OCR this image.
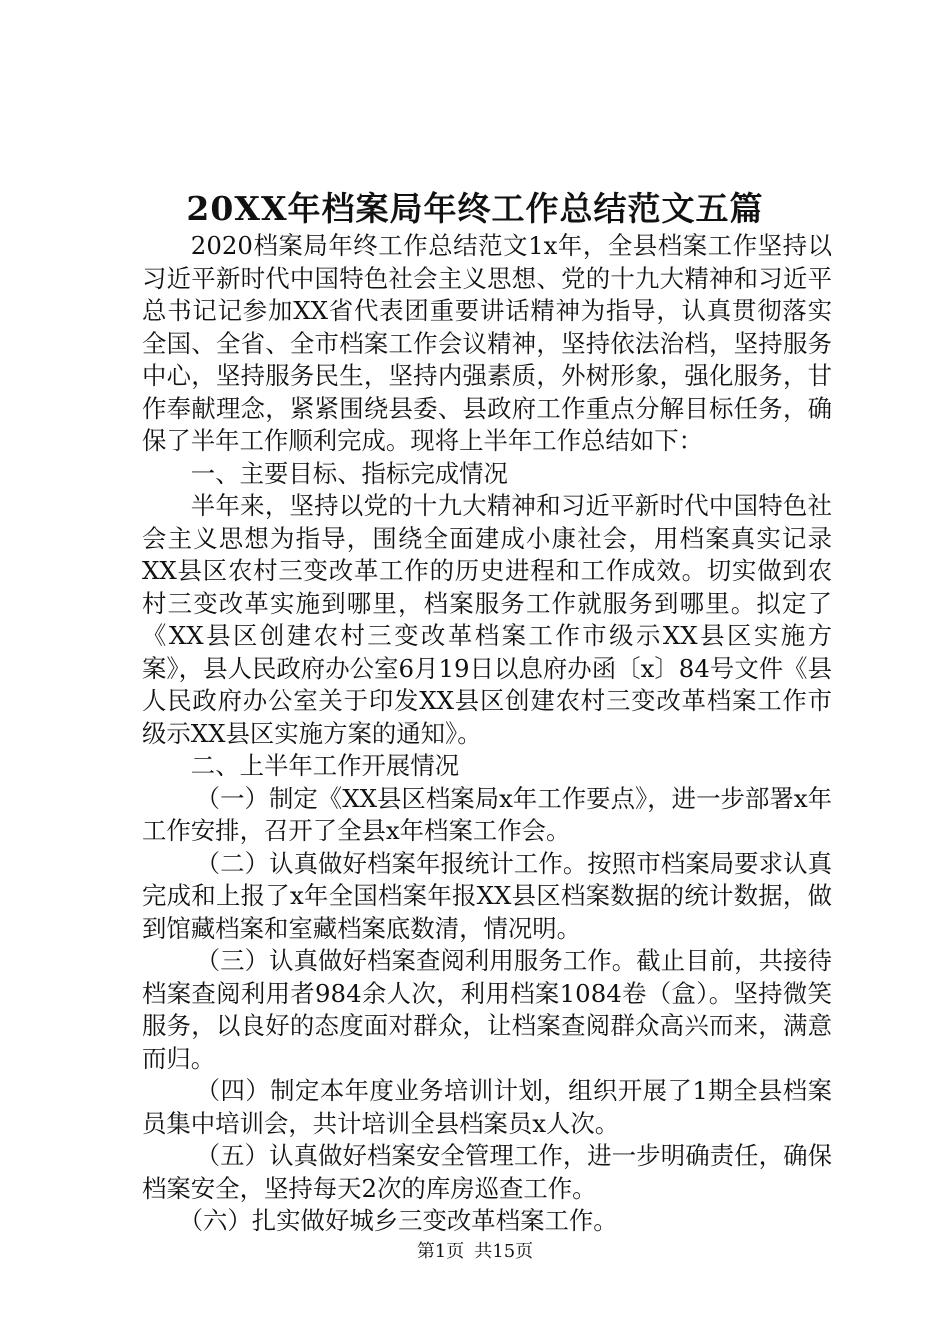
20XX年档案局年终工作总结范文五篇

2020档案局年终工作总结范文1x年，全县档案工作坚持以习近平新时代中国特色社会主义思想、党的十九大精神和习近平总书记记参加XX省代表团重要讲话精神为指导，认真贯彻落实全国、全省、全市档案工作会议精神，坚持依法治档，坚持服务中心，坚持服务民生，坚持内强素质，外树形象，强化服务，甘作奉献理念，紧紧围绕县委、县政府工作重点分解目标任务，确保了半年工作顺利完成。现将上半年工作总结如下：

一、主要目标、指标完成情况

半年来，坚持以党的十九大精神和习近平新时代中国特色社会主义思想为指导，围绕全面建成小康社会，用档案真实记录XX县区农村三变改革工作的历史进程和工作成效。切实做到农村三变改革实施到哪里，档案服务工作就服务到哪里。拟定了《XX县区创建农村三变改革档案工作市级示XX县区实施方案》，县人民政府办公室6月19日以息府办函〔x〕84号文件《县人民政府办公室关于印发XX县区创建农村三变改革档案工作市级示XX县区实施方案的通知》。

二、上半年工作开展情况

（一）制定《XX县区档案局x年工作要点》，进一步部署x年工作安排，召开了全县x年档案工作会。

（二）认真做好档案年报统计工作。按照市档案局要求认真完成和上报了x年全国档案年报XX县区档案数据的统计数据，做到馆藏档案和室藏档案底数清，情况明。

（三）认真做好档案查阅利用服务工作。截止目前，共接待档案查阅利用者984余人次，利用档案1084卷（盒）。坚持微笑服务，以良好的态度面对群众，让档案查阅群众高兴而来，满意而归。

（四）制定本年度业务培训计划，组织开展了1期全县档案员集中培训会，共计培训全县档案员x人次。

（五）认真做好档案安全管理工作，进一步明确责任，确保档案安全，坚持每天2次的库房巡查工作。

（六）扎实做好城乡三变改革档案工作。

第1页 共15页
